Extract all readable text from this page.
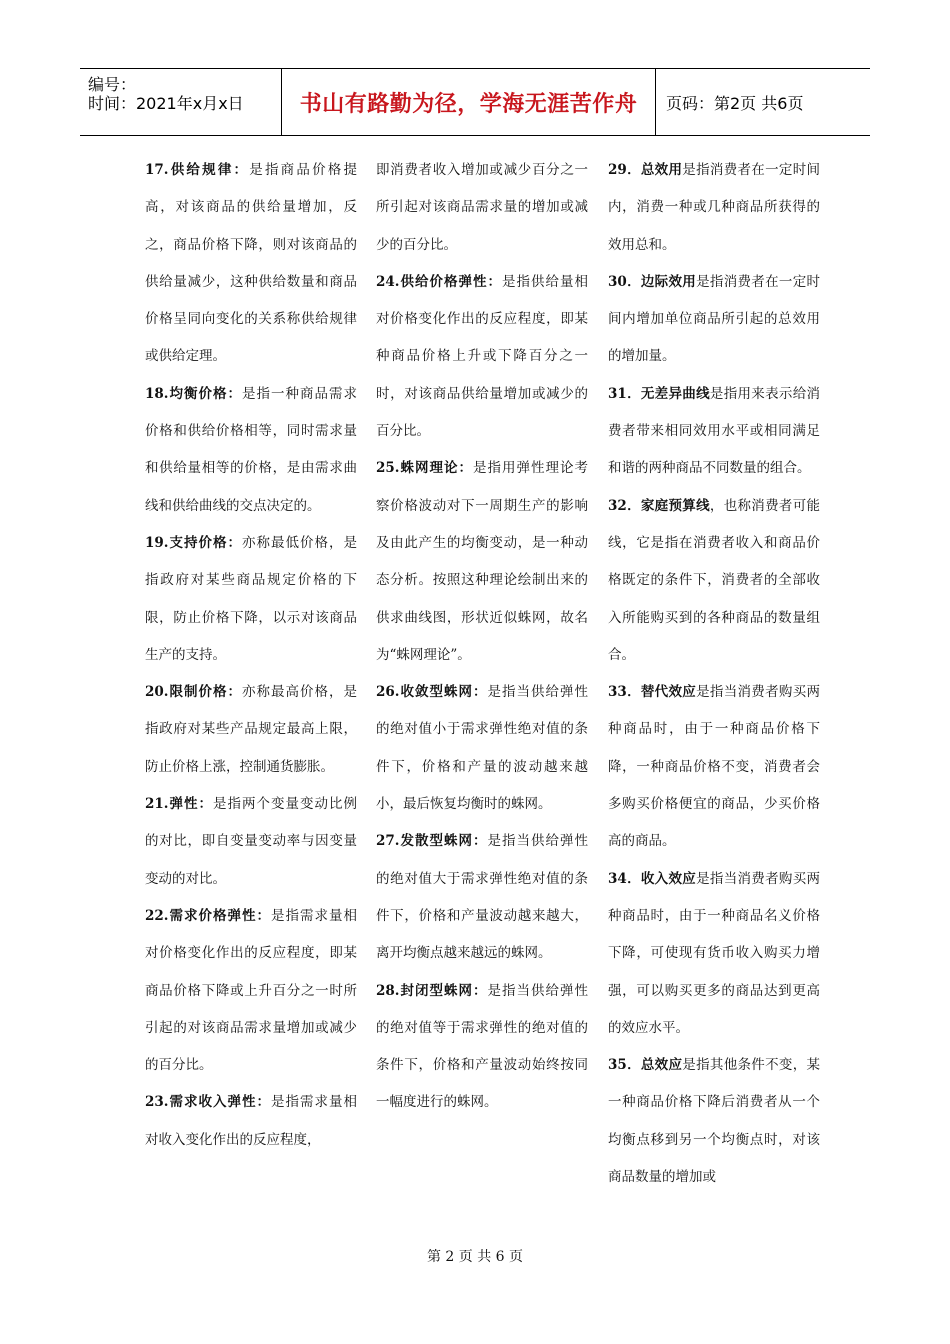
编号：
时间：2021年x月x日	书山有路勤为径，学海无涯苦作舟 页码：第2页 共6页
17.供给规律：是指商品价格提高，对该商品的供给量增加，反之，商品价格下降，则对该商品的供给量减少，这种供给数量和商品价格呈同向变化的关系称供给规律或供给定理。
18.均衡价格：是指一种商品需求价格和供给价格相等，同时需求量和供给量相等的价格，是由需求曲线和供给曲线的交点决定的。
19.支持价格：亦称最低价格，是指政府对某些商品规定价格的下限，防止价格下降，以示对该商品生产的支持。
20.限制价格：亦称最高价格，是指政府对某些产品规定最高上限，防止价格上涨，控制通货膨胀。
21.弹性：是指两个变量变动比例的对比，即自变量变动率与因变量变动的对比。
22.需求价格弹性：是指需求量相对价格变化作出的反应程度，即某商品价格下降或上升百分之一时所引起的对该商品需求量增加或减少的百分比。
23.需求收入弹性：是指需求量相对收入变化作出的反应程度，
即消费者收入增加或减少百分之一所引起对该商品需求量的增加或减少的百分比。
24.供给价格弹性：是指供给量相对价格变化作出的反应程度，即某种商品价格上升或下降百分之一时，对该商品供给量增加或减少的百分比。
25.蛛网理论：是指用弹性理论考察价格波动对下一周期生产的影响及由此产生的均衡变动，是一种动态分析。按照这种理论绘制出来的供求曲线图，形状近似蛛网，故名为“蛛网理论”。
26.收敛型蛛网：是指当供给弹性的绝对值小于需求弹性绝对值的条件下，价格和产量的波动越来越小，最后恢复均衡时的蛛网。
27.发散型蛛网：是指当供给弹性的绝对值大于需求弹性绝对值的条件下，价格和产量波动越来越大，离开均衡点越来越远的蛛网。
28.封闭型蛛网：是指当供给弹性的绝对值等于需求弹性的绝对值的条件下，价格和产量波动始终按同一幅度进行的蛛网。
29．总效用是指消费者在一定时间内，消费一种或几种商品所获得的效用总和。
30．边际效用是指消费者在一定时间内增加单位商品所引起的总效用的增加量。
31．无差异曲线是指用来表示给消费者带来相同效用水平或相同满足和谐的两种商品不同数量的组合。
32．家庭预算线，也称消费者可能线，它是指在消费者收入和商品价格既定的条件下，消费者的全部收入所能购买到的各种商品的数量组合。
33．替代效应是指当消费者购买两种商品时，由于一种商品价格下降，一种商品价格不变，消费者会多购买价格便宜的商品，少买价格高的商品。
34．收入效应是指当消费者购买两种商品时，由于一种商品名义价格下降，可使现有货币收入购买力增强，可以购买更多的商品达到更高的效应水平。
35．总效应是指其他条件不变，某一种商品价格下降后消费者从一个均衡点移到另一个均衡点时，对该商品数量的增加或
第 2 页 共 6 页
